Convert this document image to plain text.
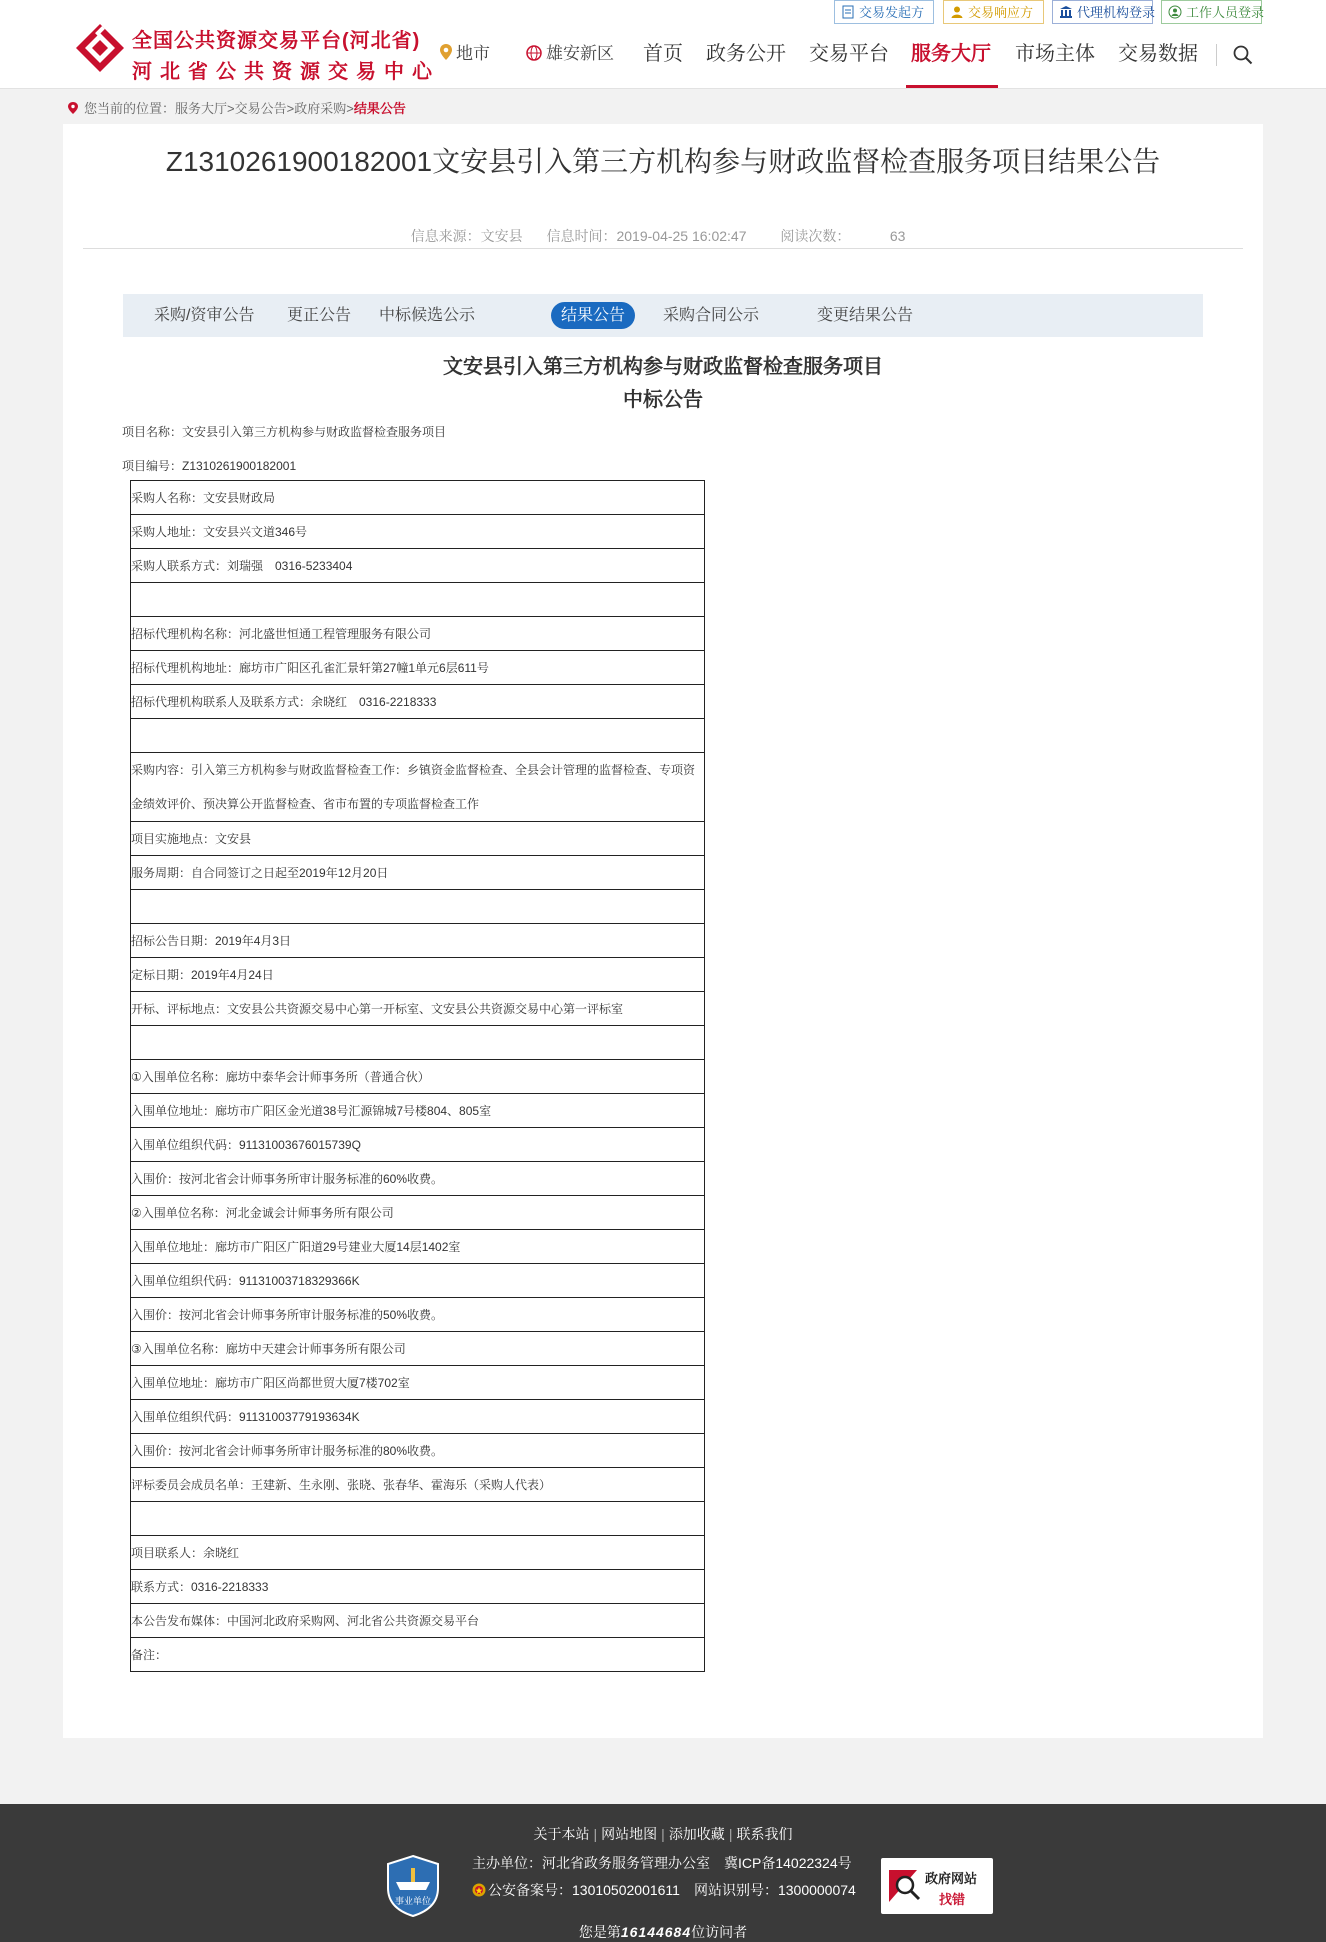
全国公共资源交易平台(河北省)
河北省公共资源交易中心
交易发起方	交易响应方	代理机构登录	工作人员登录
地市	雄安新区 首页 政务公开 交易平台 服务大厅 市场主体 交易数据
您当前的位置：服务大厅>交易公告>政府采购>结果公告
Z1310261900182001文安县引入第三方机构参与财政监督检查服务项目结果公告
信息来源：文安县 信息时间：2019-04-25 16:02:47 阅读次数：	63
采购/资审公告	更正公告	中标候选公示	结果公告	采购合同公示	变更结果公告
文安县引入第三方机构参与财政监督检查服务项目
中标公告
项目名称：文安县引入第三方机构参与财政监督检查服务项目
项目编号：Z1310261900182001
采购人名称：文安县财政局
采购人地址：文安县兴文道346号
采购人联系方式：刘瑞强　0316-5233404

招标代理机构名称：河北盛世恒通工程管理服务有限公司
招标代理机构地址：廊坊市广阳区孔雀汇景轩第27幢1单元6层611号
招标代理机构联系人及联系方式：余晓红　0316-2218333

采购内容：引入第三方机构参与财政监督检查工作：乡镇资金监督检查、全县会计管理的监督检查、专项资金绩效评价、预决算公开监督检查、省市布置的专项监督检查工作
项目实施地点：文安县
服务周期：自合同签订之日起至2019年12月20日

招标公告日期：2019年4月3日
定标日期：2019年4月24日
开标、评标地点：文安县公共资源交易中心第一开标室、文安县公共资源交易中心第一评标室

①入围单位名称：廊坊中泰华会计师事务所（普通合伙）
入围单位地址：廊坊市广阳区金光道38号汇源锦城7号楼804、805室
入围单位组织代码：91131003676015739Q
入围价：按河北省会计师事务所审计服务标准的60%收费。
②入围单位名称：河北金诚会计师事务所有限公司
入围单位地址：廊坊市广阳区广阳道29号建业大厦14层1402室
入围单位组织代码：91131003718329366K
入围价：按河北省会计师事务所审计服务标准的50%收费。
③入围单位名称：廊坊中天建会计师事务所有限公司
入围单位地址：廊坊市广阳区尚都世贸大厦7楼702室
入围单位组织代码：91131003779193634K
入围价：按河北省会计师事务所审计服务标准的80%收费。
评标委员会成员名单：王建新、生永刚、张晓、张春华、霍海乐（采购人代表）

项目联系人：余晓红
联系方式：0316-2218333
本公告发布媒体：中国河北政府采购网、河北省公共资源交易平台
备注：
关于本站 | 网站地图 | 添加收藏 | 联系我们
事业单位
主办单位：河北省政务服务管理办公室　冀ICP备14022324号
公安备案号：13010502001611　网站识别号：1300000074
政府网站
找错
您是第16144684位访问者
